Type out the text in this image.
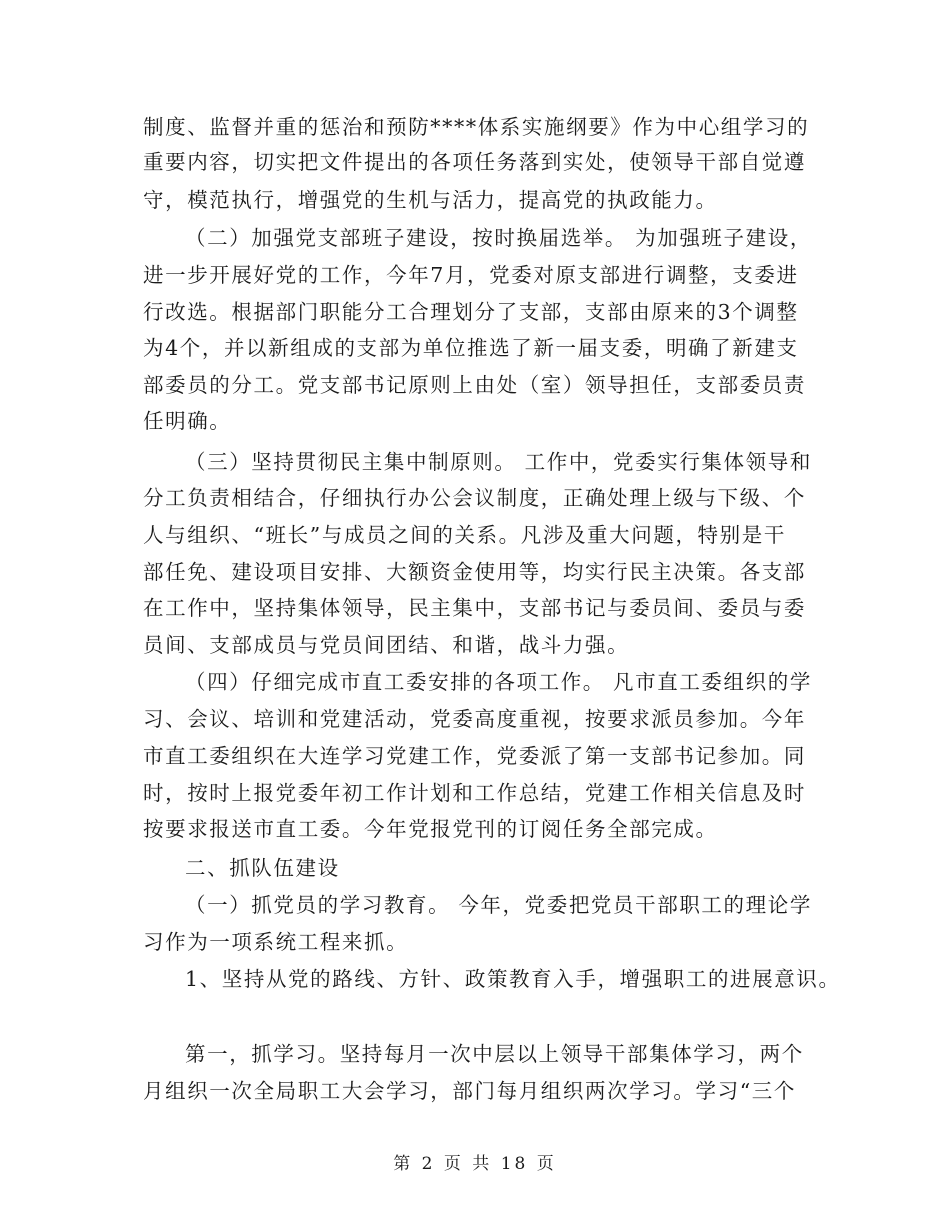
制度、监督并重的惩治和预防****体系实施纲要》作为中心组学习的
重要内容，切实把文件提出的各项任务落到实处，使领导干部自觉遵
守，模范执行，增强党的生机与活力，提高党的执政能力。
（二）加强党支部班子建设，按时换届选举。 为加强班子建设，
进一步开展好党的工作，今年7月，党委对原支部进行调整，支委进
行改选。根据部门职能分工合理划分了支部，支部由原来的3个调整
为4个，并以新组成的支部为单位推选了新一届支委，明确了新建支
部委员的分工。党支部书记原则上由处（室）领导担任，支部委员责
任明确。
（三）坚持贯彻民主集中制原则。 工作中，党委实行集体领导和
分工负责相结合，仔细执行办公会议制度，正确处理上级与下级、个
人与组织、“班长”与成员之间的关系。凡涉及重大问题，特别是干
部任免、建设项目安排、大额资金使用等，均实行民主决策。各支部
在工作中，坚持集体领导，民主集中，支部书记与委员间、委员与委
员间、支部成员与党员间团结、和谐，战斗力强。
（四）仔细完成市直工委安排的各项工作。 凡市直工委组织的学
习、会议、培训和党建活动，党委高度重视，按要求派员参加。今年
市直工委组织在大连学习党建工作，党委派了第一支部书记参加。同
时，按时上报党委年初工作计划和工作总结，党建工作相关信息及时
按要求报送市直工委。今年党报党刊的订阅任务全部完成。
二、抓队伍建设
（一）抓党员的学习教育。 今年，党委把党员干部职工的理论学
习作为一项系统工程来抓。
1、坚持从党的路线、方针、政策教育入手，增强职工的进展意识。
第一，抓学习。坚持每月一次中层以上领导干部集体学习，两个
月组织一次全局职工大会学习，部门每月组织两次学习。学习“三个
第 2 页 共 18 页
